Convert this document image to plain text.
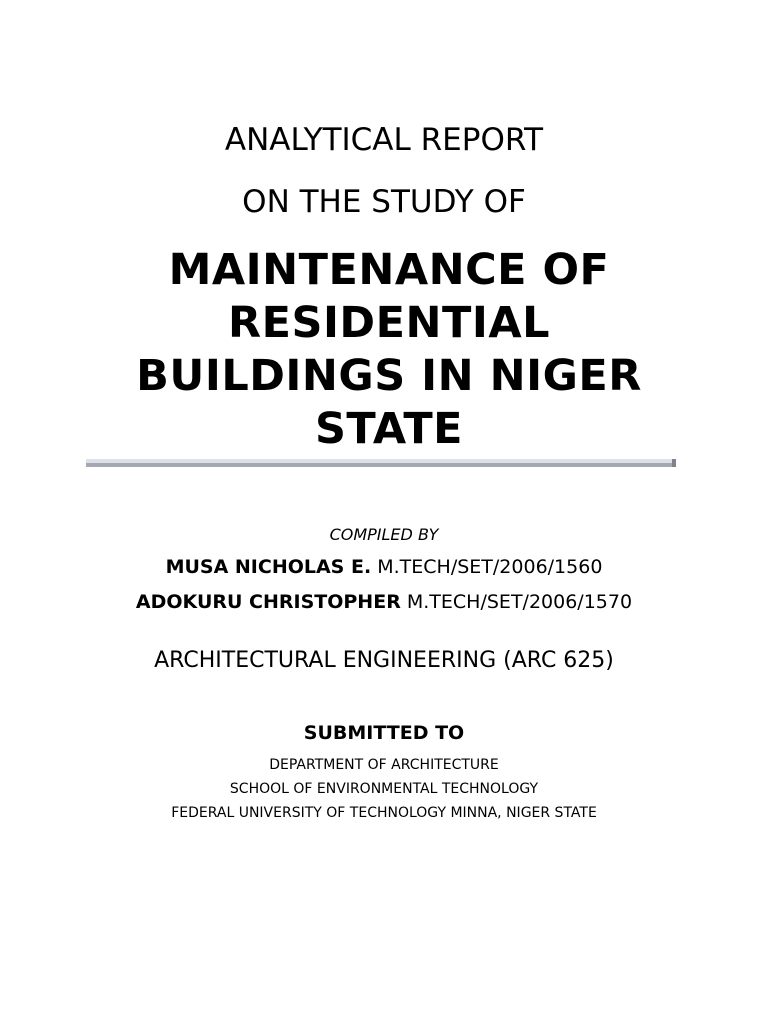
ANALYTICAL REPORT
ON THE STUDY OF
MAINTENANCE OF RESIDENTIAL BUILDINGS IN NIGER STATE
COMPILED BY
MUSA NICHOLAS E. M.TECH/SET/2006/1560
ADOKURU CHRISTOPHER M.TECH/SET/2006/1570
ARCHITECTURAL ENGINEERING (ARC 625)
SUBMITTED TO
DEPARTMENT OF ARCHITECTURE
SCHOOL OF ENVIRONMENTAL TECHNOLOGY
FEDERAL UNIVERSITY OF TECHNOLOGY MINNA, NIGER STATE
